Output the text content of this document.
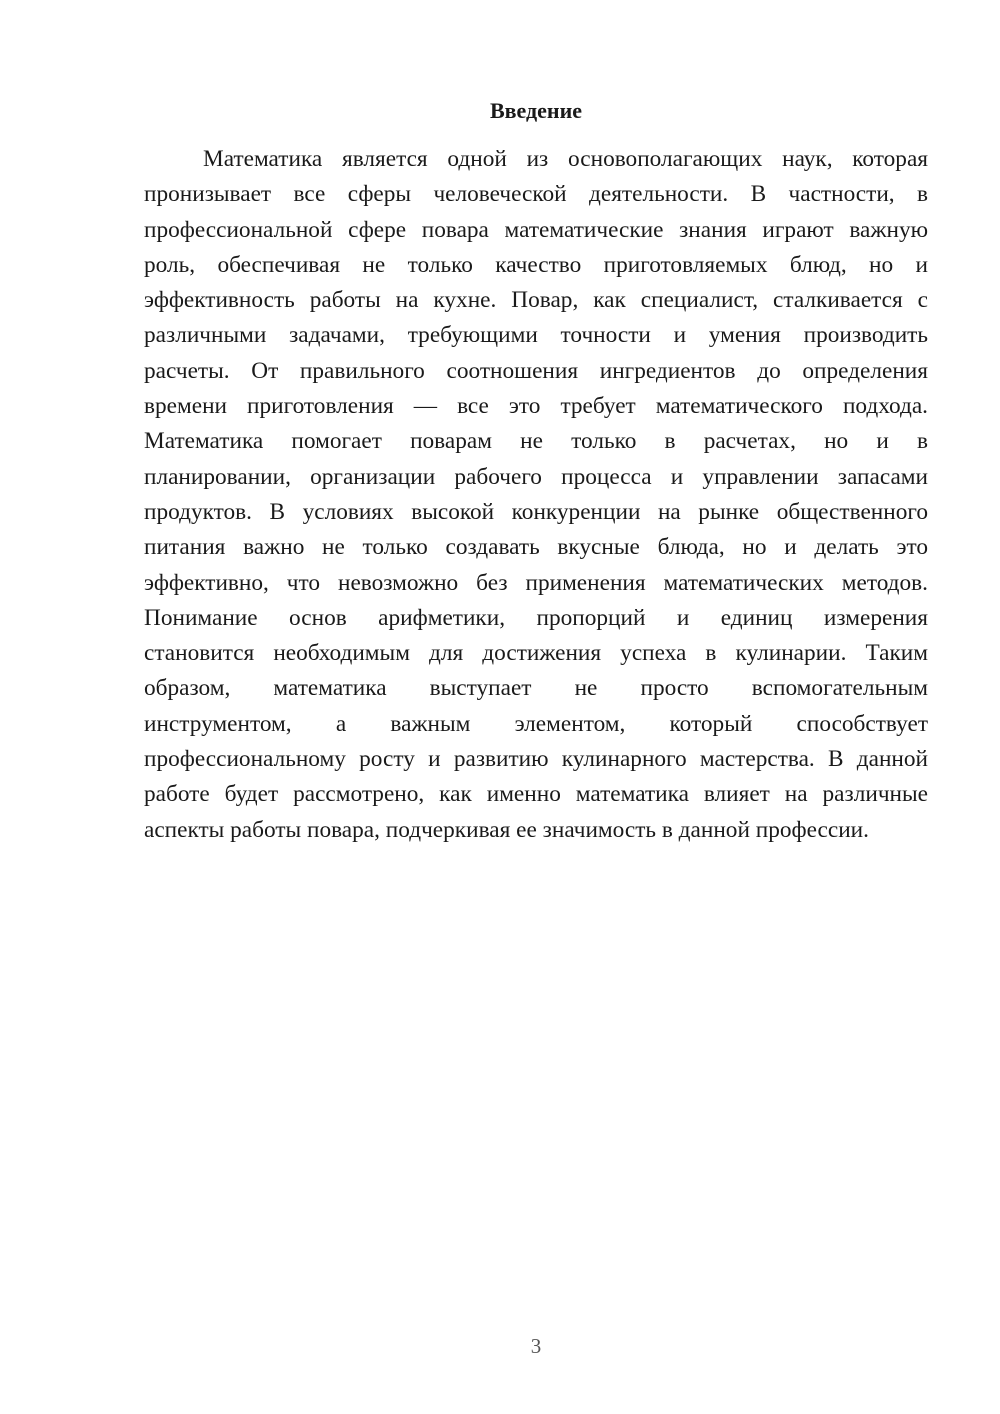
Введение
Математика является одной из основополагающих наук, которая
пронизывает все сферы человеческой деятельности. В частности, в
профессиональной сфере повара математические знания играют важную
роль, обеспечивая не только качество приготовляемых блюд, но и
эффективность работы на кухне. Повар, как специалист, сталкивается с
различными задачами, требующими точности и умения производить
расчеты. От правильного соотношения ингредиентов до определения
времени приготовления — все это требует математического подхода.
Математика помогает поварам не только в расчетах, но и в
планировании, организации рабочего процесса и управлении запасами
продуктов. В условиях высокой конкуренции на рынке общественного
питания важно не только создавать вкусные блюда, но и делать это
эффективно, что невозможно без применения математических методов.
Понимание основ арифметики, пропорций и единиц измерения
становится необходимым для достижения успеха в кулинарии. Таким
образом, математика выступает не просто вспомогательным
инструментом, а важным элементом, который способствует
профессиональному росту и развитию кулинарного мастерства. В данной
работе будет рассмотрено, как именно математика влияет на различные
аспекты работы повара, подчеркивая ее значимость в данной профессии.
3
